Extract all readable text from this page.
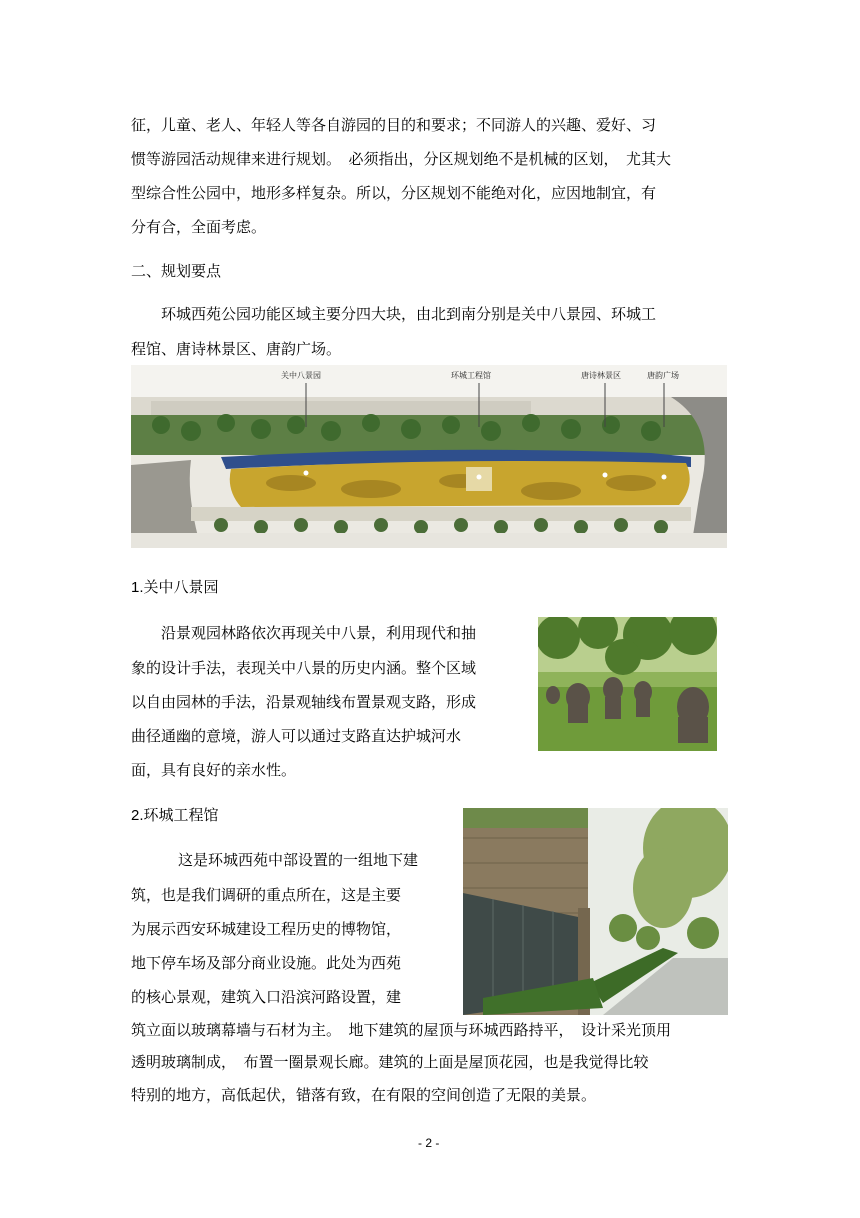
征，儿童、老人、年轻人等各自游园的目的和要求；不同游人的兴趣、爱好、习
惯等游园活动规律来进行规划。　必须指出，分区规划绝不是机械的区划，　尤其大
型综合性公园中，地形多样复杂。所以，分区规划不能绝对化，应因地制宜，有
分有合，全面考虑。
二、规划要点
环城西苑公园功能区域主要分四大块，由北到南分别是关中八景园、环城工
程馆、唐诗林景区、唐韵广场。
关中八景园	环城工程馆	唐诗林景区	唐韵广场
1.关中八景园
沿景观园林路依次再现关中八景，利用现代和抽
象的设计手法，表现关中八景的历史内涵。整个区域
以自由园林的手法，沿景观轴线布置景观支路，形成
曲径通幽的意境，游人可以通过支路直达护城河水
面，具有良好的亲水性。
2.环城工程馆
这是环城西苑中部设置的一组地下建
筑，也是我们调研的重点所在，这是主要
为展示西安环城建设工程历史的博物馆，
地下停车场及部分商业设施。此处为西苑
的核心景观，建筑入口沿滨河路设置，建
筑立面以玻璃幕墙与石材为主。　地下建筑的屋顶与环城西路持平，　设计采光顶用
透明玻璃制成，　布置一圈景观长廊。建筑的上面是屋顶花园，也是我觉得比较
特别的地方，高低起伏，错落有致，在有限的空间创造了无限的美景。
- 2 -
